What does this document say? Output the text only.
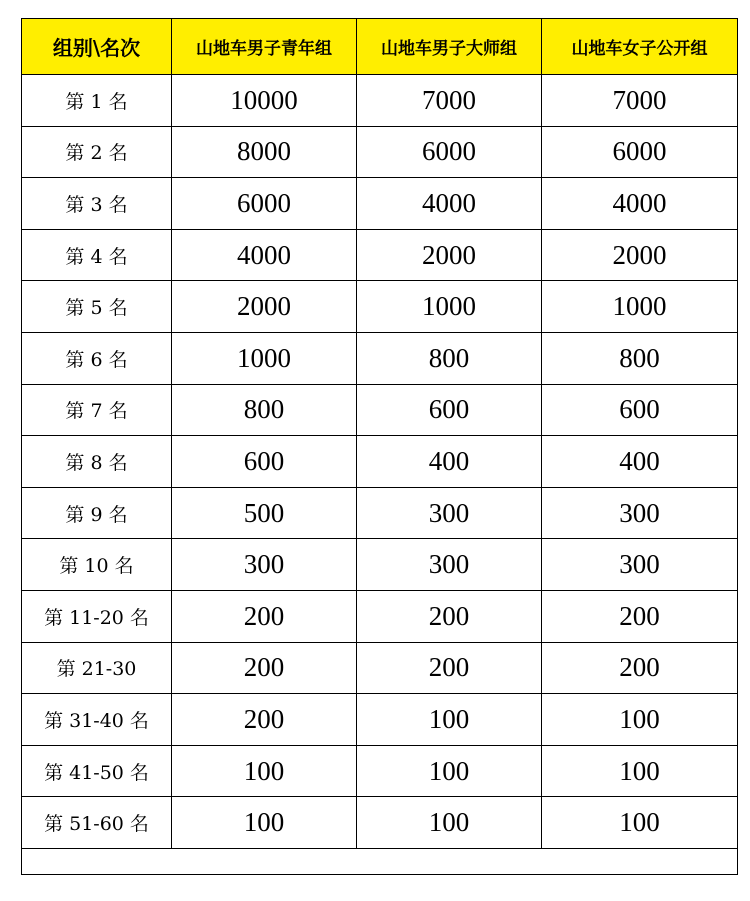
组别\名次	山地车男子青年组	山地车男子大师组	山地车女子公开组
第 1 名	10000	7000	7000
第 2 名	8000	6000	6000
第 3 名	6000	4000	4000
第 4 名	4000	2000	2000
第 5 名	2000	1000	1000
第 6 名	1000	800	800
第 7 名	800	600	600
第 8 名	600	400	400
第 9 名	500	300	300
第 10 名	300	300	300
第 11-20 名	200	200	200
第 21-30	200	200	200
第 31-40 名	200	100	100
第 41-50 名	100	100	100
第 51-60 名	100	100	100
